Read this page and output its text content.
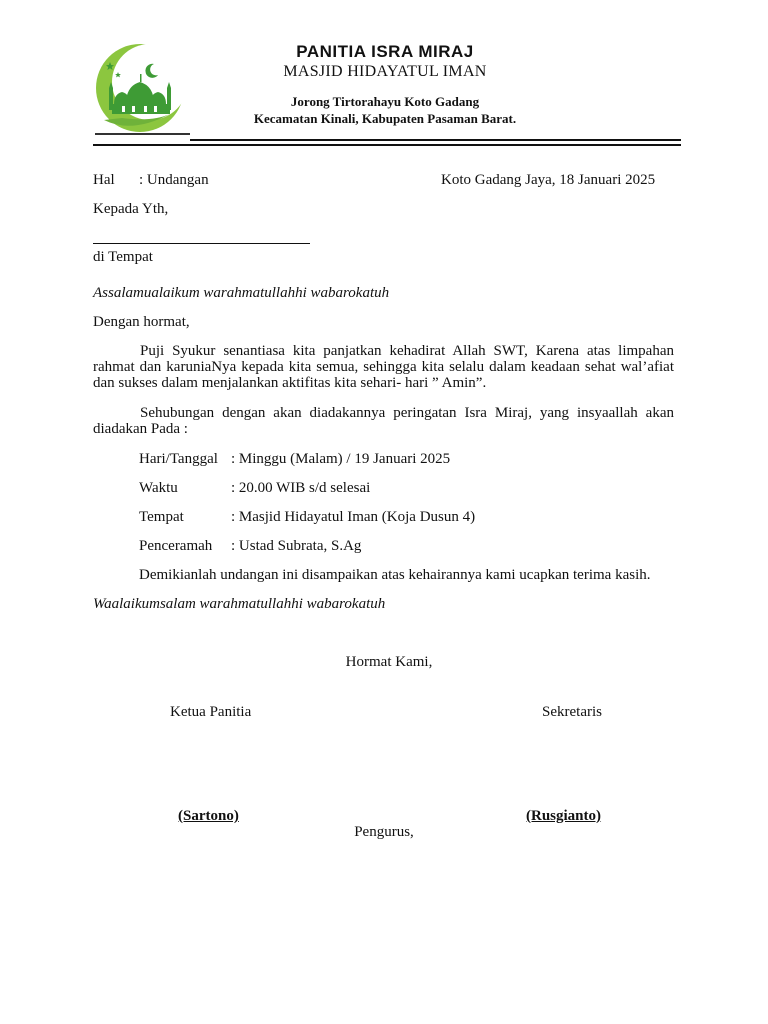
PANITIA ISRA MIRAJ
MASJID HIDAYATUL IMAN
Jorong Tirtorahayu Koto Gadang
Kecamatan Kinali, Kabupaten Pasaman Barat.
Hal : Undangan	Koto Gadang Jaya, 18 Januari 2025
Kepada Yth,
di Tempat
Assalamualaikum warahmatullahhi wabarokatuh
Dengan hormat,
Puji Syukur senantiasa kita panjatkan kehadirat Allah SWT, Karena atas limpahan rahmat dan karuniaNya kepada kita semua, sehingga kita selalu dalam keadaan sehat wal’afiat dan sukses dalam menjalankan aktifitas kita sehari- hari ” Amin”.
Sehubungan dengan akan diadakannya peringatan Isra Miraj, yang insyaallah akan diadakan Pada :
Hari/Tanggal : Minggu (Malam) / 19 Januari 2025
Waktu	: 20.00 WIB s/d selesai
Tempat	: Masjid Hidayatul Iman (Koja Dusun 4)
Penceramah : Ustad Subrata, S.Ag
Demikianlah undangan ini disampaikan atas kehairannya kami ucapkan terima kasih.
Waalaikumsalam warahmatullahhi wabarokatuh
Hormat Kami,
Ketua Panitia	Sekretaris
(Sartono)	(Rusgianto)
Pengurus,
